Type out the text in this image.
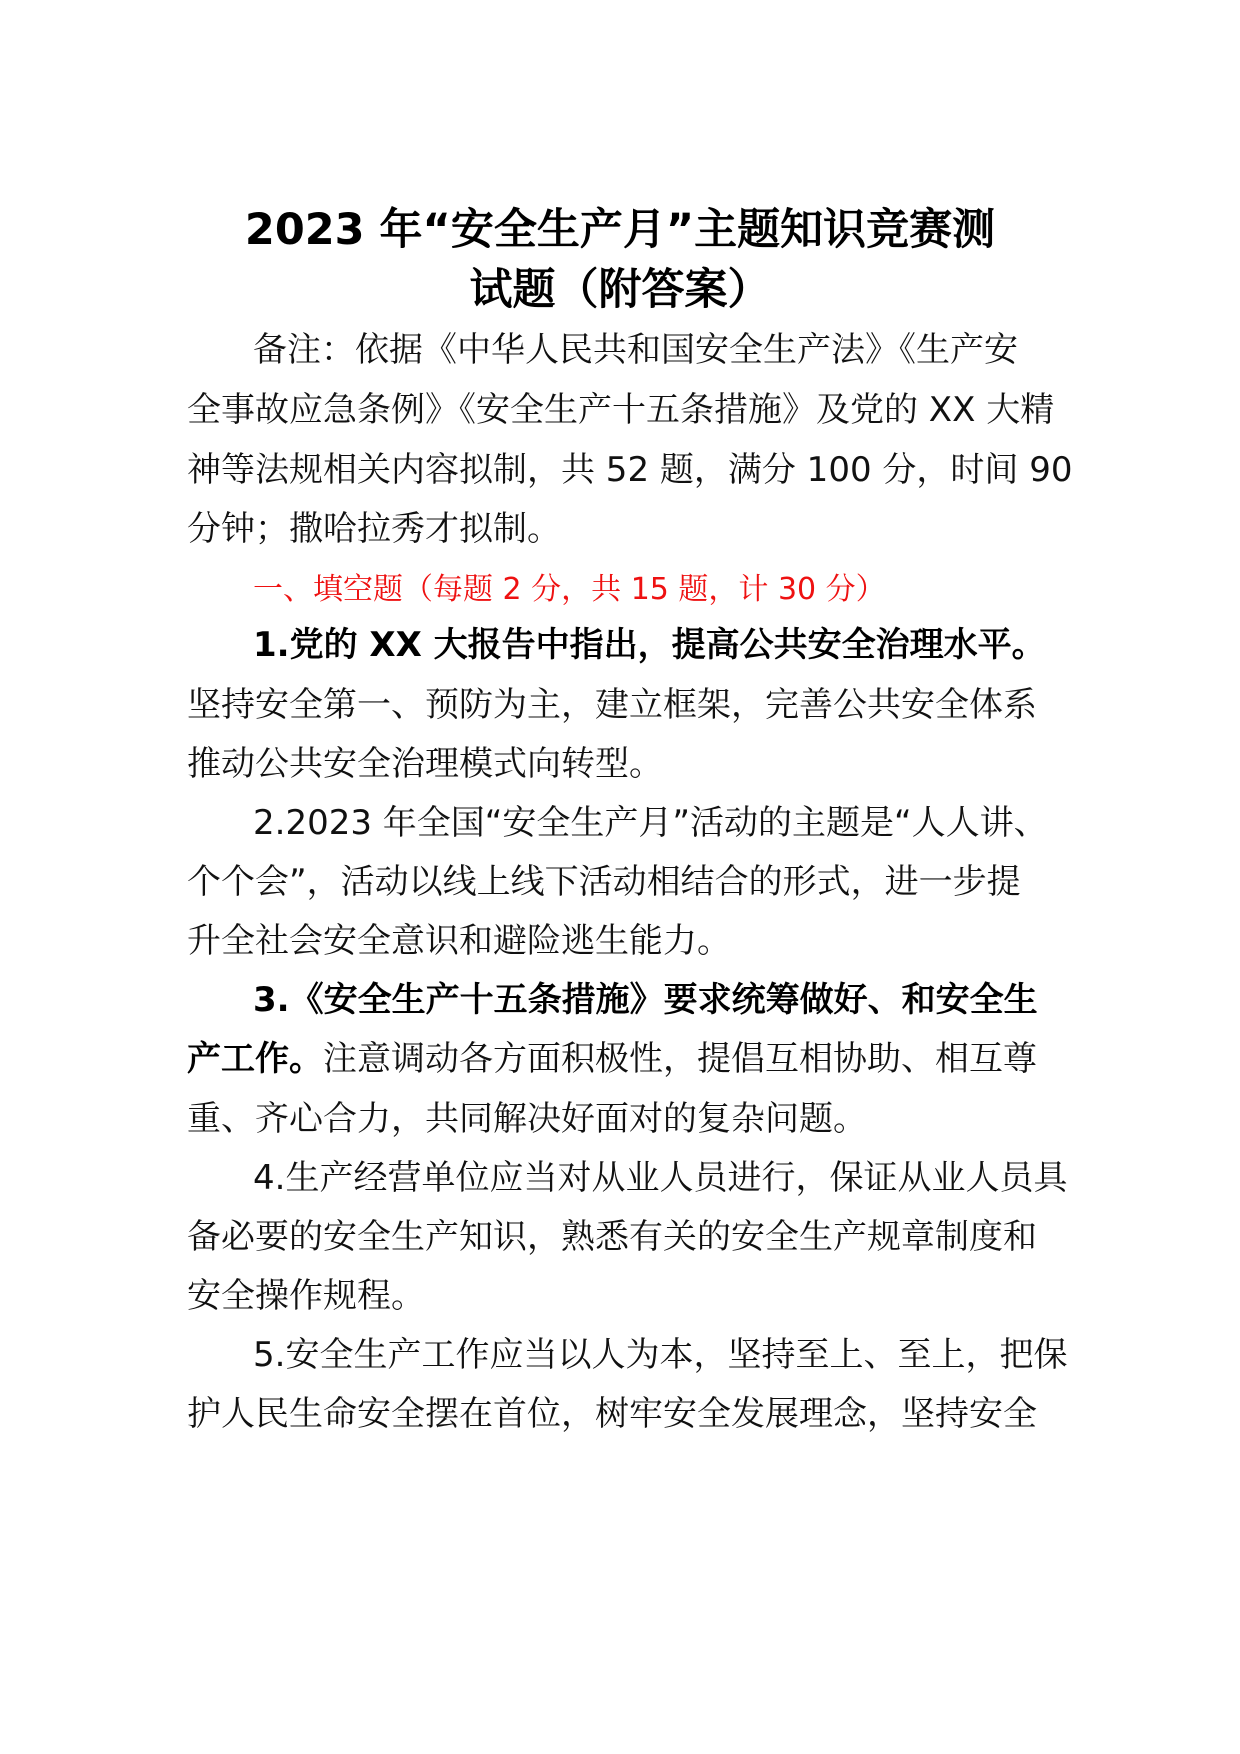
2023 年“安全生产月”主题知识竞赛测
试题（附答案）
备注：依据《中华人民共和国安全生产法》《生产安
全事故应急条例》《安全生产十五条措施》及党的 XX 大精
神等法规相关内容拟制，共 52 题，满分 100 分，时间 90
分钟；撒哈拉秀才拟制。
一、填空题（每题 2 分，共 15 题，计 30 分）
1.党的 XX 大报告中指出，提高公共安全治理水平。
坚持安全第一、预防为主，建立框架，完善公共安全体系
推动公共安全治理模式向转型。
2.2023 年全国“安全生产月”活动的主题是“人人讲、
个个会”，活动以线上线下活动相结合的形式，进一步提
升全社会安全意识和避险逃生能力。
3.《安全生产十五条措施》要求统筹做好、和安全生
产工作。注意调动各方面积极性，提倡互相协助、相互尊
重、齐心合力，共同解决好面对的复杂问题。
4.生产经营单位应当对从业人员进行，保证从业人员具
备必要的安全生产知识，熟悉有关的安全生产规章制度和
安全操作规程。
5.安全生产工作应当以人为本，坚持至上、至上，把保
护人民生命安全摆在首位，树牢安全发展理念，坚持安全
